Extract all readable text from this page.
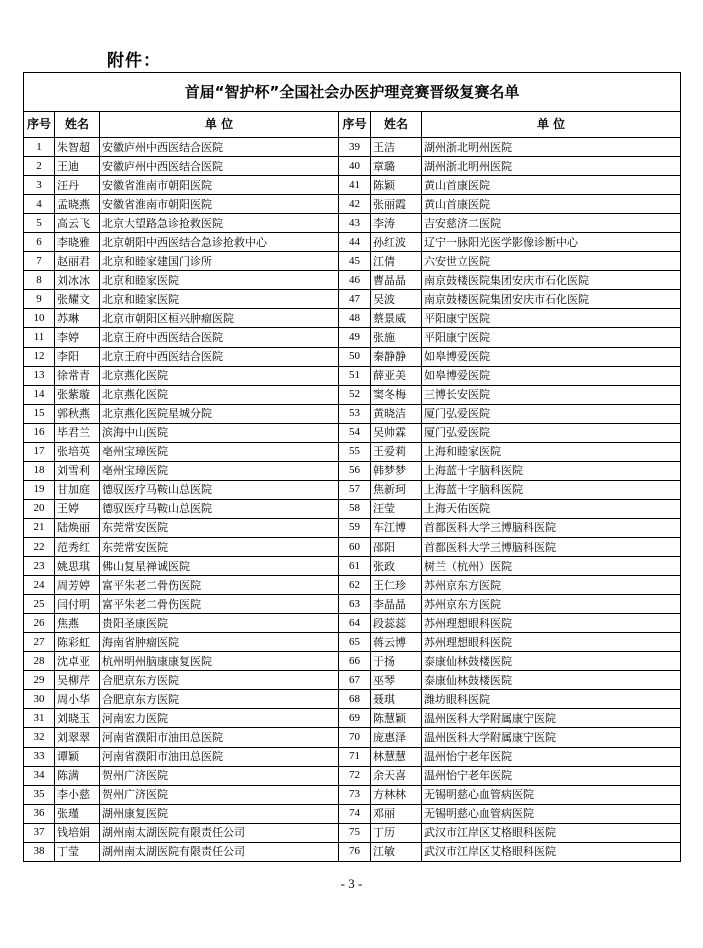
附件：
首届“智护杯”全国社会办医护理竞赛晋级复赛名单					
序号	姓名	单 位	序号	姓名	单 位
1	朱智超	安徽庐州中西医结合医院	39	王洁	湖州浙北明州医院
2	王迪	安徽庐州中西医结合医院	40	章璐	湖州浙北明州医院
3	汪丹	安徽省淮南市朝阳医院	41	陈颖	黄山首康医院
4	孟晓燕	安徽省淮南市朝阳医院	42	张丽霞	黄山首康医院
5	高云飞	北京大望路急诊抢救医院	43	李涛	吉安慈济二医院
6	李晓雅	北京朝阳中西医结合急诊抢救中心	44	孙红波	辽宁一脉阳光医学影像诊断中心
7	赵丽君	北京和睦家建国门诊所	45	江倩	六安世立医院
8	刘冰冰	北京和睦家医院	46	曹晶晶	南京鼓楼医院集团安庆市石化医院
9	张耀文	北京和睦家医院	47	吴波	南京鼓楼医院集团安庆市石化医院
10	苏琳	北京市朝阳区桓兴肿瘤医院	48	蔡景威	平阳康宁医院
11	李婷	北京王府中西医结合医院	49	张施	平阳康宁医院
12	李阳	北京王府中西医结合医院	50	秦静静	如皋博爱医院
13	徐常青	北京燕化医院	51	薛亚美	如皋博爱医院
14	张紫璇	北京燕化医院	52	窦冬梅	三博长安医院
15	郭秋燕	北京燕化医院星城分院	53	黄晓洁	厦门弘爱医院
16	毕君兰	滨海中山医院	54	吴帅霖	厦门弘爱医院
17	张培英	亳州宝璋医院	55	王爱莉	上海和睦家医院
18	刘雪利	亳州宝璋医院	56	韩梦梦	上海蓝十字脑科医院
19	甘加庭	德驭医疗马鞍山总医院	57	焦新珂	上海蓝十字脑科医院
20	王婷	德驭医疗马鞍山总医院	58	汪莹	上海天佑医院
21	陆焕丽	东莞常安医院	59	车江博	首都医科大学三博脑科医院
22	范秀红	东莞常安医院	60	邵阳	首都医科大学三博脑科医院
23	姚思琪	佛山复星禅诚医院	61	张政	树兰（杭州）医院
24	周芳婷	富平朱老二骨伤医院	62	王仁珍	苏州京东方医院
25	闫付明	富平朱老二骨伤医院	63	李晶晶	苏州京东方医院
26	焦燕	贵阳圣康医院	64	段蕊蕊	苏州理想眼科医院
27	陈彩虹	海南省肿瘤医院	65	蒋云博	苏州理想眼科医院
28	沈卓亚	杭州明州脑康康复医院	66	于扬	泰康仙林鼓楼医院
29	吴柳芹	合肥京东方医院	67	巫琴	泰康仙林鼓楼医院
30	周小华	合肥京东方医院	68	聂琪	潍坊眼科医院
31	刘晓玉	河南宏力医院	69	陈慧颖	温州医科大学附属康宁医院
32	刘翠翠	河南省濮阳市油田总医院	70	庞惠泽	温州医科大学附属康宁医院
33	谭颖	河南省濮阳市油田总医院	71	林慧慧	温州怡宁老年医院
34	陈满	贺州广济医院	72	余天喜	温州怡宁老年医院
35	李小慈	贺州广济医院	73	方林林	无锡明慈心血管病医院
36	张瑾	湖州康复医院	74	邓丽	无锡明慈心血管病医院
37	钱培娟	湖州南太湖医院有限责任公司	75	丁历	武汉市江岸区艾格眼科医院
38	丁莹	湖州南太湖医院有限责任公司	76	江敏	武汉市江岸区艾格眼科医院
- 3 -
